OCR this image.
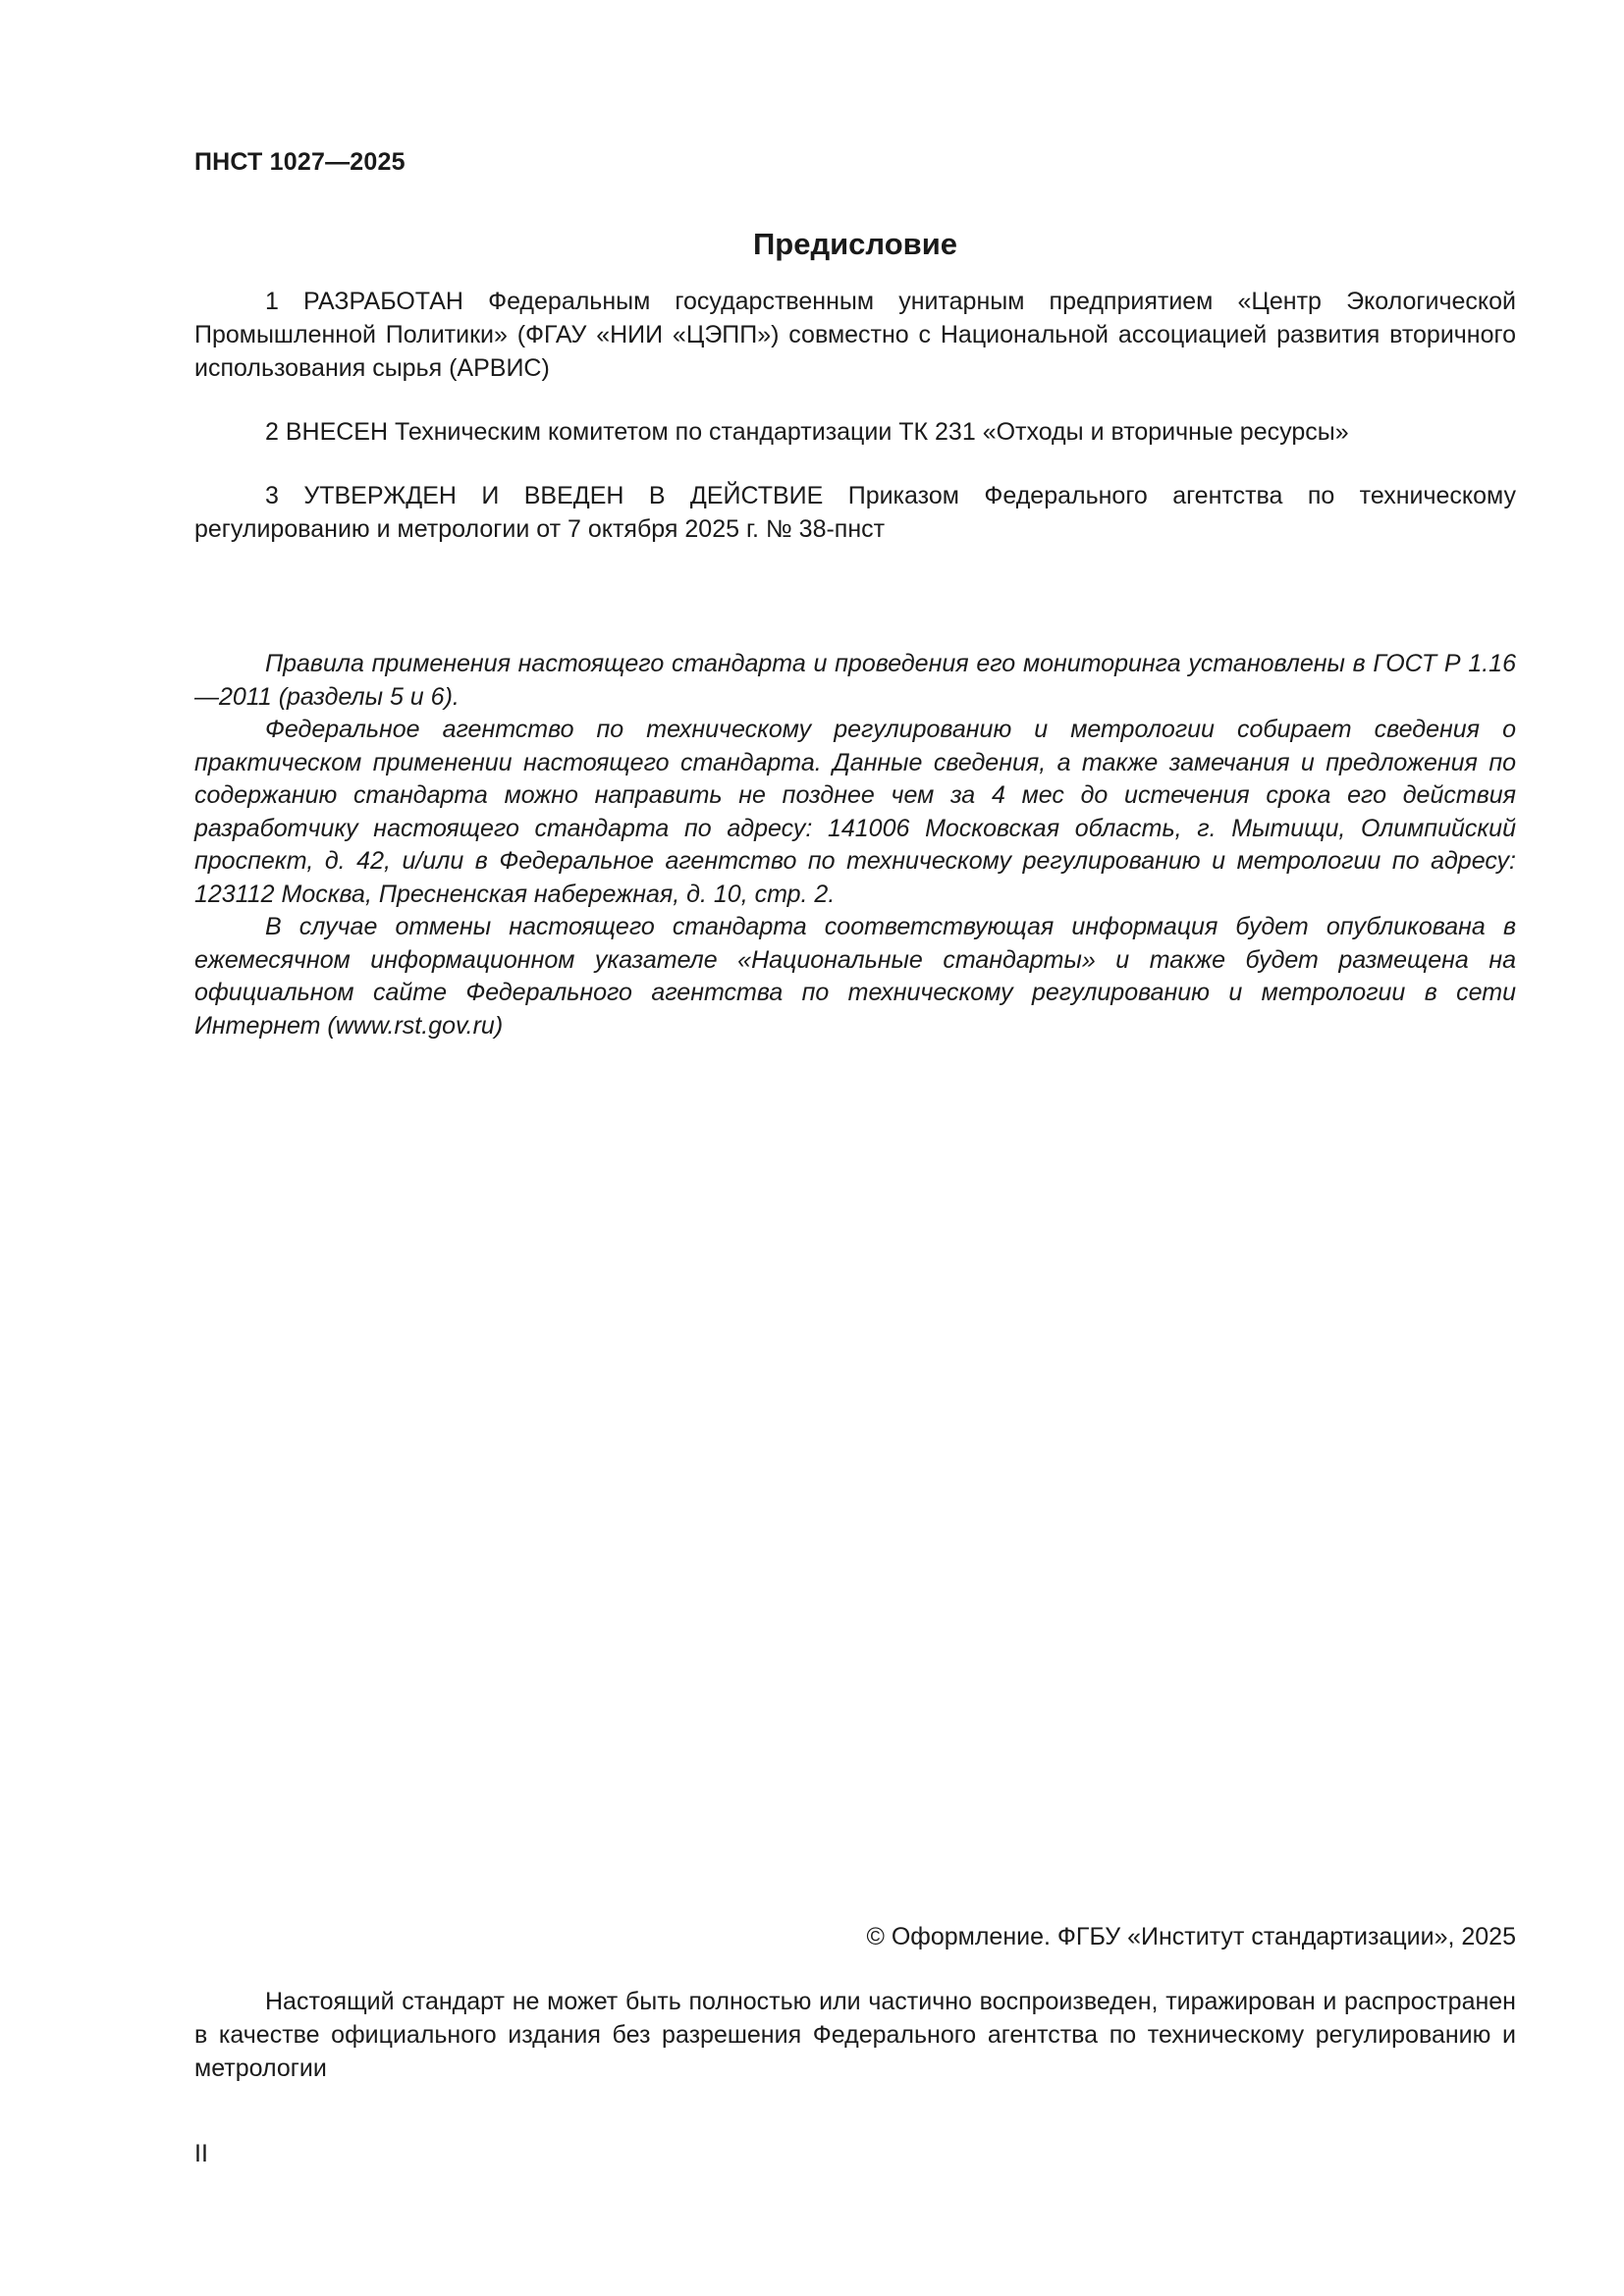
ПНСТ 1027—2025
Предисловие

1 РАЗРАБОТАН Федеральным государственным унитарным предприятием «Центр Экологической Промышленной Политики» (ФГАУ «НИИ «ЦЭПП») совместно с Национальной ассоциацией развития вторичного использования сырья (АРВИС)

2 ВНЕСЕН Техническим комитетом по стандартизации ТК 231 «Отходы и вторичные ресурсы»

3 УТВЕРЖДЕН И ВВЕДЕН В ДЕЙСТВИЕ Приказом Федерального агентства по техническому регулированию и метрологии от 7 октября 2025 г. № 38-пнст

Правила применения настоящего стандарта и проведения его мониторинга установлены в ГОСТ Р 1.16—2011 (разделы 5 и 6).

Федеральное агентство по техническому регулированию и метрологии собирает сведения о практическом применении настоящего стандарта. Данные сведения, а также замечания и предложения по содержанию стандарта можно направить не позднее чем за 4 мес до истечения срока его действия разработчику настоящего стандарта по адресу: 141006 Московская область, г. Мытищи, Олимпийский проспект, д. 42, и/или в Федеральное агентство по техническому регулированию и метрологии по адресу: 123112 Москва, Пресненская набережная, д. 10, стр. 2.

В случае отмены настоящего стандарта соответствующая информация будет опубликована в ежемесячном информационном указателе «Национальные стандарты» и также будет размещена на официальном сайте Федерального агентства по техническому регулированию и метрологии в сети Интернет (www.rst.gov.ru)

© Оформление. ФГБУ «Институт стандартизации», 2025

Настоящий стандарт не может быть полностью или частично воспроизведен, тиражирован и распространен в качестве официального издания без разрешения Федерального агентства по техническому регулированию и метрологии

II
